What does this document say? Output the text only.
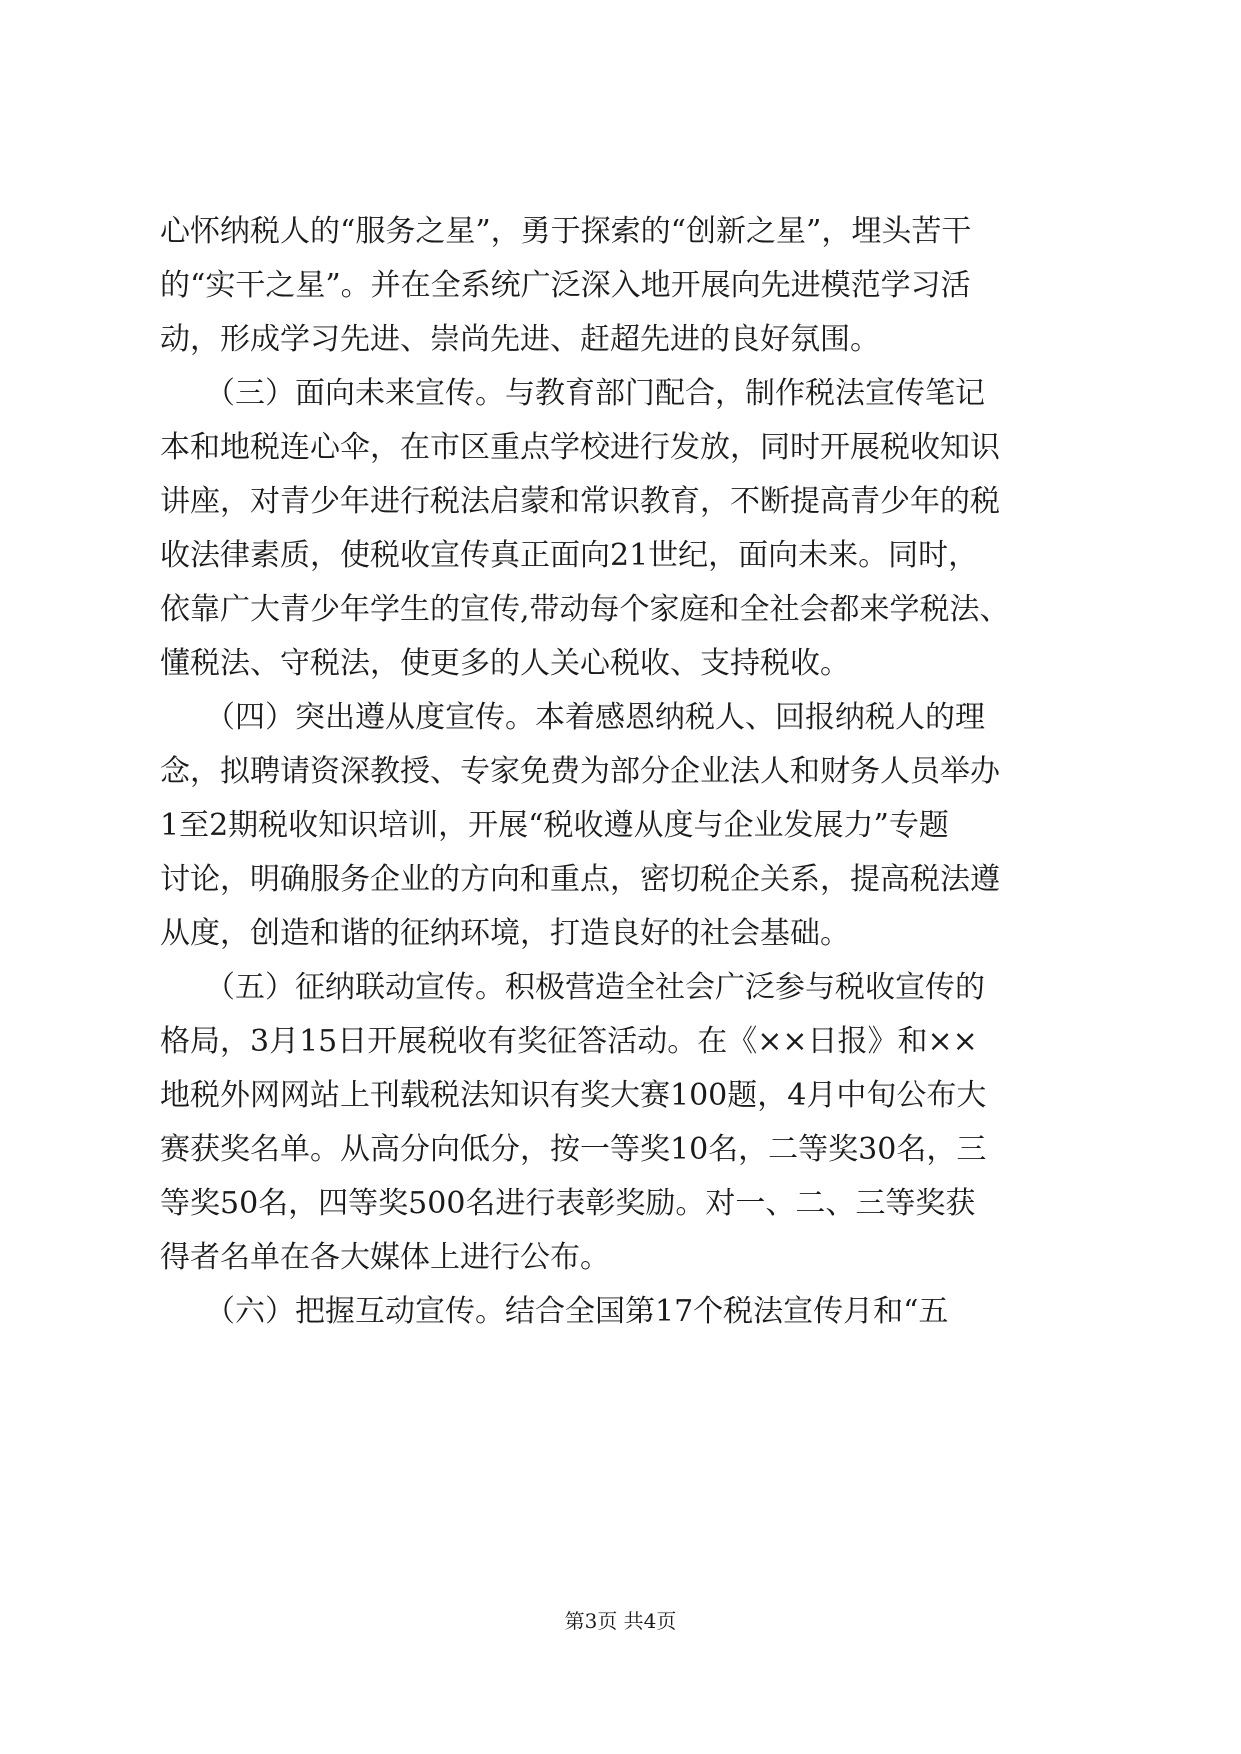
心怀纳税人的“服务之星”，勇于探索的“创新之星”，埋头苦干
的“实干之星”。并在全系统广泛深入地开展向先进模范学习活
动，形成学习先进、崇尚先进、赶超先进的良好氛围。
　　（三）面向未来宣传。与教育部门配合，制作税法宣传笔记
本和地税连心伞，在市区重点学校进行发放，同时开展税收知识
讲座，对青少年进行税法启蒙和常识教育，不断提高青少年的税
收法律素质，使税收宣传真正面向21世纪，面向未来。同时，
依靠广大青少年学生的宣传,带动每个家庭和全社会都来学税法、
懂税法、守税法，使更多的人关心税收、支持税收。
　　（四）突出遵从度宣传。本着感恩纳税人、回报纳税人的理
念，拟聘请资深教授、专家免费为部分企业法人和财务人员举办
1至2期税收知识培训，开展“税收遵从度与企业发展力”专题
讨论，明确服务企业的方向和重点，密切税企关系，提高税法遵
从度，创造和谐的征纳环境，打造良好的社会基础。
　　（五）征纳联动宣传。积极营造全社会广泛参与税收宣传的
格局，3月15日开展税收有奖征答活动。在《××日报》和××
地税外网网站上刊载税法知识有奖大赛100题，4月中旬公布大
赛获奖名单。从高分向低分，按一等奖10名，二等奖30名，三
等奖50名，四等奖500名进行表彰奖励。对一、二、三等奖获
得者名单在各大媒体上进行公布。
　　（六）把握互动宣传。结合全国第17个税法宣传月和“五
第3页 共4页
